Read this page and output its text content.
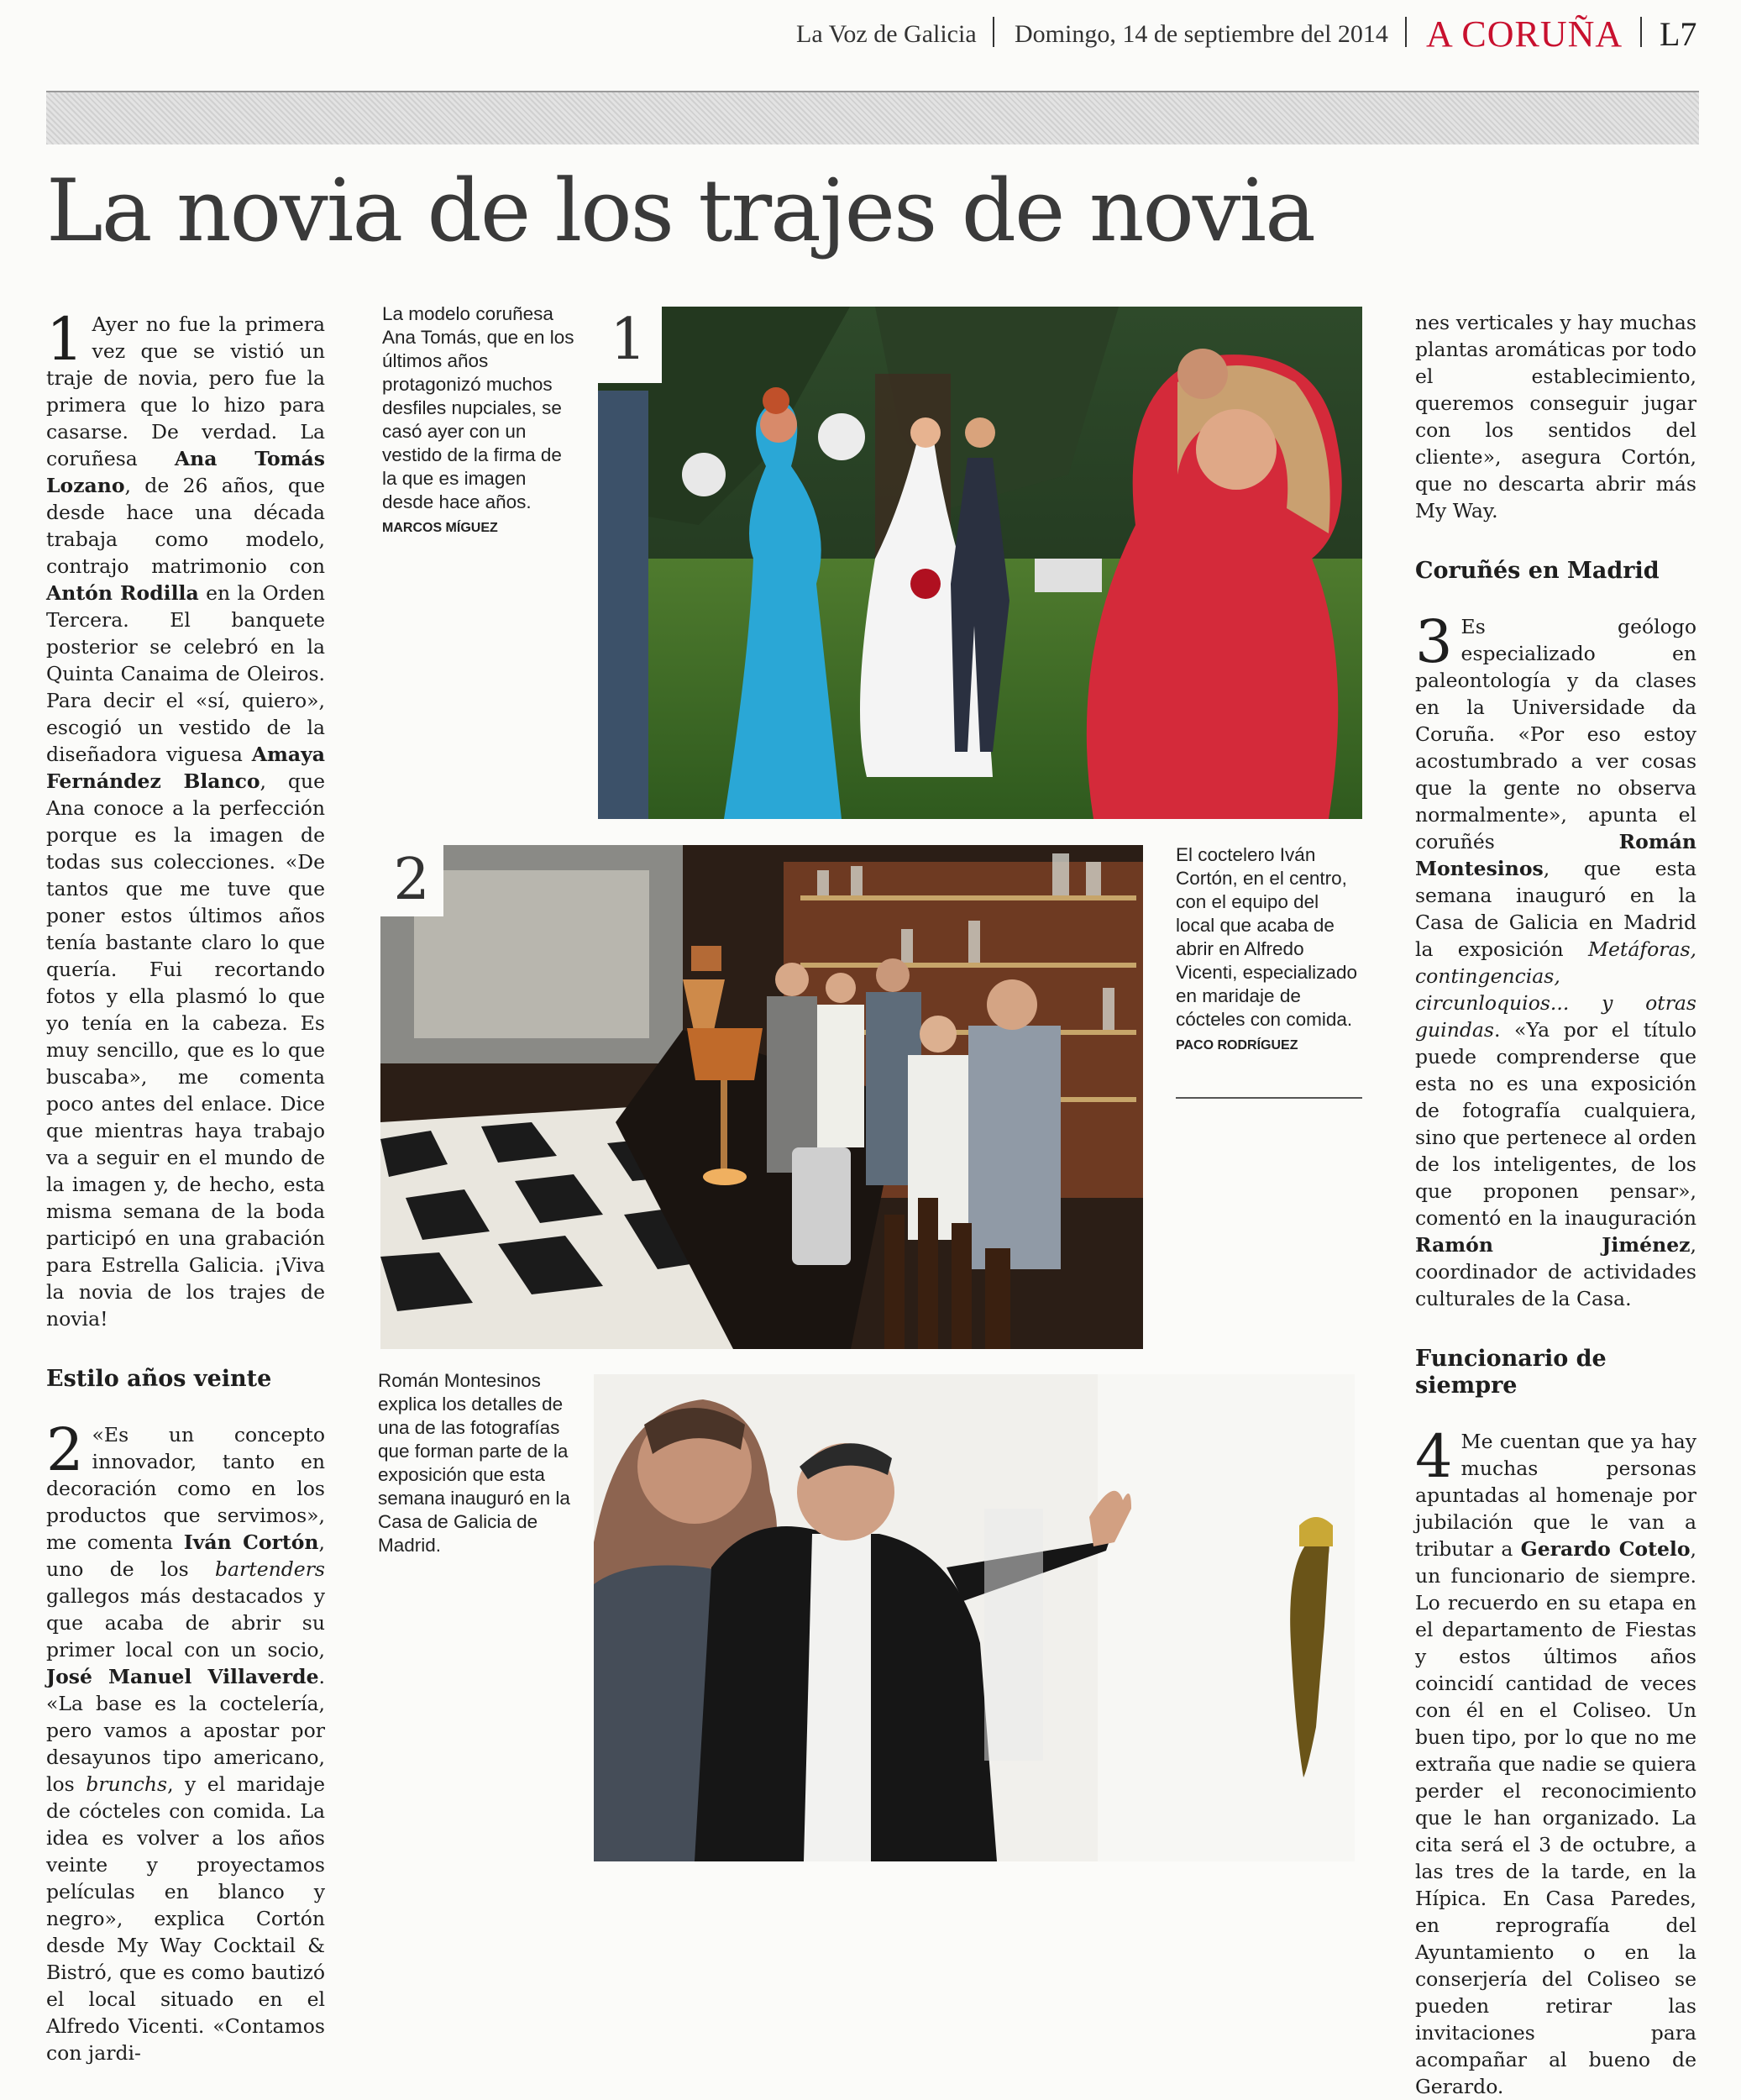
La Voz de Galicia Domingo, 14 de septiembre del 2014 A CORUÑA L7
La novia de los trajes de novia

1 Ayer no fue la primera vez que se vistió un traje de novia, pero fue la primera que lo hizo para casarse. De verdad. La coruñesa Ana Tomás Lozano, de 26 años, que desde hace una década trabaja como modelo, contrajo matrimonio con Antón Rodilla en la Orden Tercera. El banquete posterior se celebró en la Quinta Canaima de Oleiros. Para decir el «sí, quiero», escogió un vestido de la diseñadora viguesa Amaya Fernández Blanco, que Ana conoce a la perfección porque es la imagen de todas sus colecciones. «De tantos que me tuve que poner estos últimos años tenía bastante claro lo que quería. Fui recortando fotos y ella plasmó lo que yo tenía en la cabeza. Es muy sencillo, que es lo que buscaba», me comenta poco antes del enlace. Dice que mientras haya trabajo va a seguir en el mundo de la imagen y, de hecho, esta misma semana de la boda participó en una grabación para Estrella Galicia. ¡Viva la novia de los trajes de novia!

Estilo años veinte

2 «Es un concepto innovador, tanto en decoración como en los productos que servimos», me comenta Iván Cortón, uno de los bartenders gallegos más destacados y que acaba de abrir su primer local con un socio, José Manuel Villaverde. «La base es la coctelería, pero vamos a apostar por desayunos tipo americano, los brunchs, y el maridaje de cócteles con comida. La idea es volver a los años veinte y proyectamos películas en blanco y negro», explica Cortón desde My Way Cocktail & Bistró, que es como bautizó el local situado en el Alfredo Vicenti. «Contamos con jardi-

La modelo coruñesa Ana Tomás, que en los últimos años protagonizó muchos desfiles nupciales, se casó ayer con un vestido de la firma de la que es imagen desde hace años.
MARCOS MÍGUEZ
1
2	El coctelero Iván Cortón, en el centro, con el equipo del local que acaba de abrir en Alfredo Vicenti, especializado en maridaje de cócteles con comida. PACO RODRÍGUEZ
Román Montesinos explica los detalles de una de las fotografías que forman parte de la exposición que esta semana inauguró en la Casa de Galicia de Madrid.

nes verticales y hay muchas plantas aromáticas por todo el establecimiento, queremos conseguir jugar con los sentidos del cliente», asegura Cortón, que no descarta abrir más My Way.

Coruñés en Madrid

3 Es geólogo especializado en paleontología y da clases en la Universidade da Coruña. «Por eso estoy acostumbrado a ver cosas que la gente no observa normalmente», apunta el coruñés Román Montesinos, que esta semana inauguró en la Casa de Galicia en Madrid la exposición Metáforas, contingencias, circunloquios... y otras guindas. «Ya por el título puede comprenderse que esta no es una exposición de fotografía cualquiera, sino que pertenece al orden de los inteligentes, de los que proponen pensar», comentó en la inauguración Ramón Jiménez, coordinador de actividades culturales de la Casa.

Funcionario de siempre

4 Me cuentan que ya hay muchas personas apuntadas al homenaje por jubilación que le van a tributar a Gerardo Cotelo, un funcionario de siempre. Lo recuerdo en su etapa en el departamento de Fiestas y estos últimos años coincidí cantidad de veces con él en el Coliseo. Un buen tipo, por lo que no me extraña que nadie se quiera perder el reconocimiento que le han organizado. La cita será el 3 de octubre, a las tres de la tarde, en la Hípica. En Casa Paredes, en reprografía del Ayuntamiento o en la conserjería del Coliseo se pueden retirar las invitaciones para acompañar al bueno de Gerardo.
